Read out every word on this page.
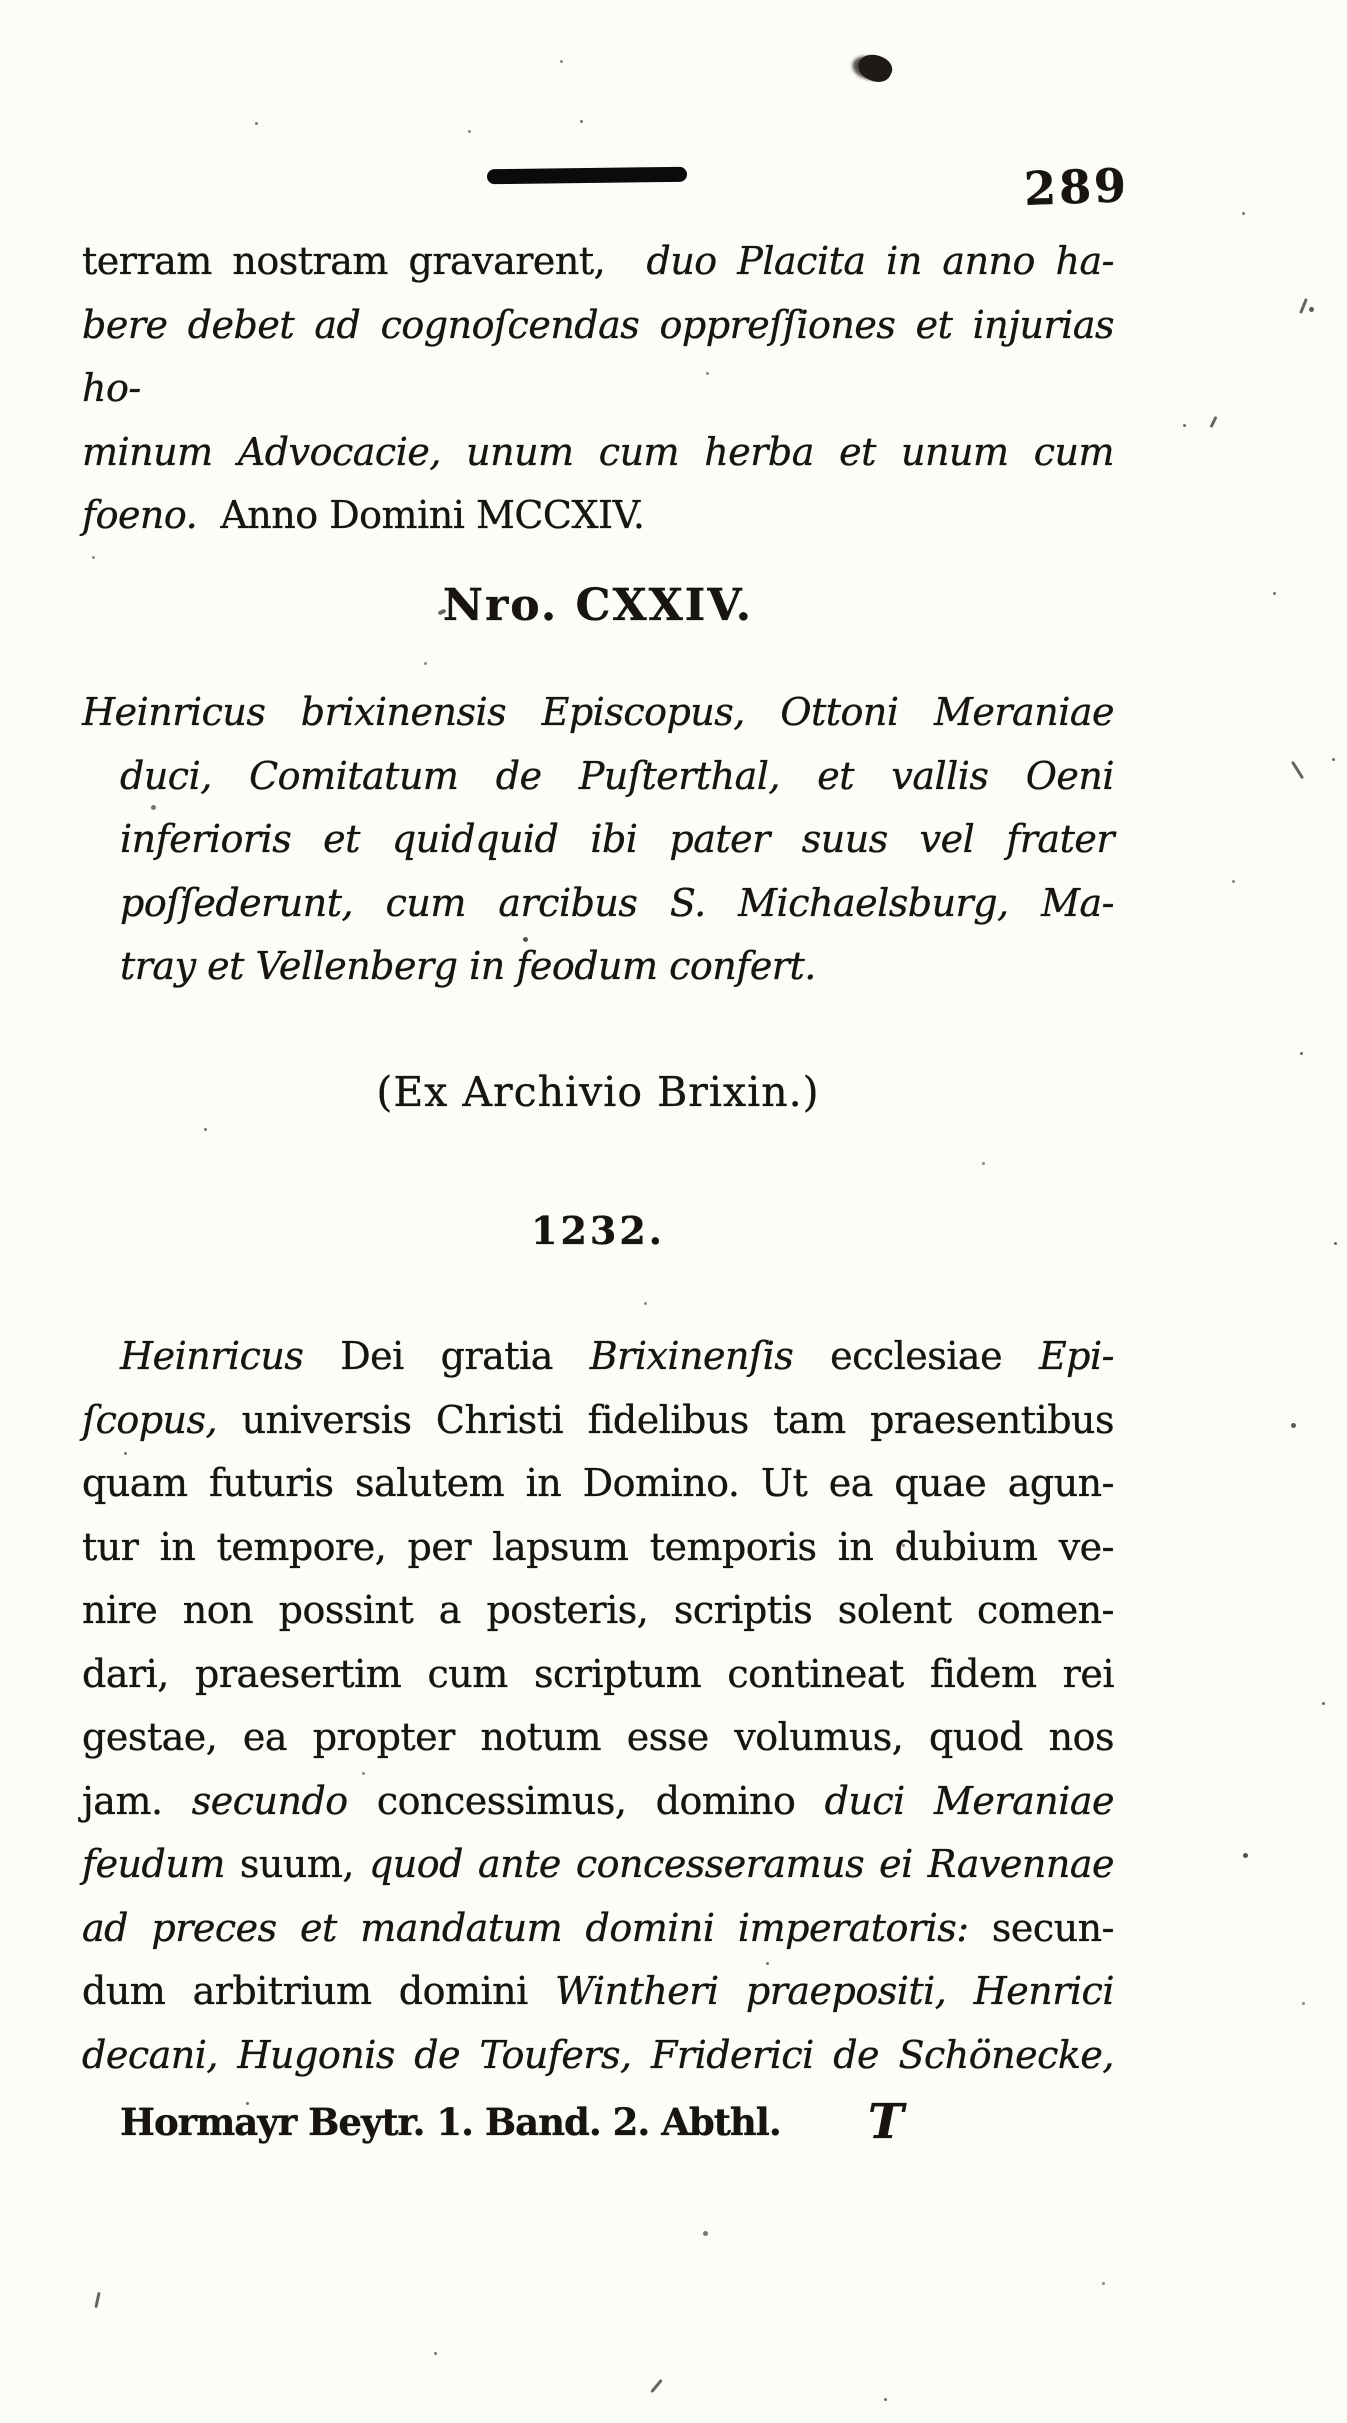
289
terram nostram gravarent,  duo Placita in anno ha-
bere debet ad cognoſcendas oppreſſiones et injurias ho-
minum Advocacie, unum cum herba et unum cum
foeno.  Anno Domini MCCXIV.
Nro. CXXIV.
Heinricus brixinensis Episcopus, Ottoni Meraniae
duci, Comitatum de Puſterthal, et vallis Oeni
inferioris et quidquid ibi pater suus vel frater
poſſederunt, cum arcibus S. Michaelsburg, Ma-
tray et Vellenberg in feodum confert.
(Ex Archivio Brixin.)
1232.
Heinricus Dei gratia Brixinenſis ecclesiae Epi-
ſcopus, universis Christi fidelibus tam praesentibus
quam futuris salutem in Domino. Ut ea quae agun-
tur in tempore, per lapsum temporis in dubium ve-
nire non possint a posteris, scriptis solent comen-
dari, praesertim cum scriptum contineat fidem rei
gestae, ea propter notum esse volumus, quod nos
jam. secundo concessimus, domino duci Meraniae
feudum suum, quod ante concesseramus ei Ravennae
ad preces et mandatum domini imperatoris: secun-
dum arbitrium domini Wintheri praepositi, Henrici
decani, Hugonis de Toufers, Friderici de Schönecke,
Hormayr Beytr. 1. Band. 2. Abthl. T
